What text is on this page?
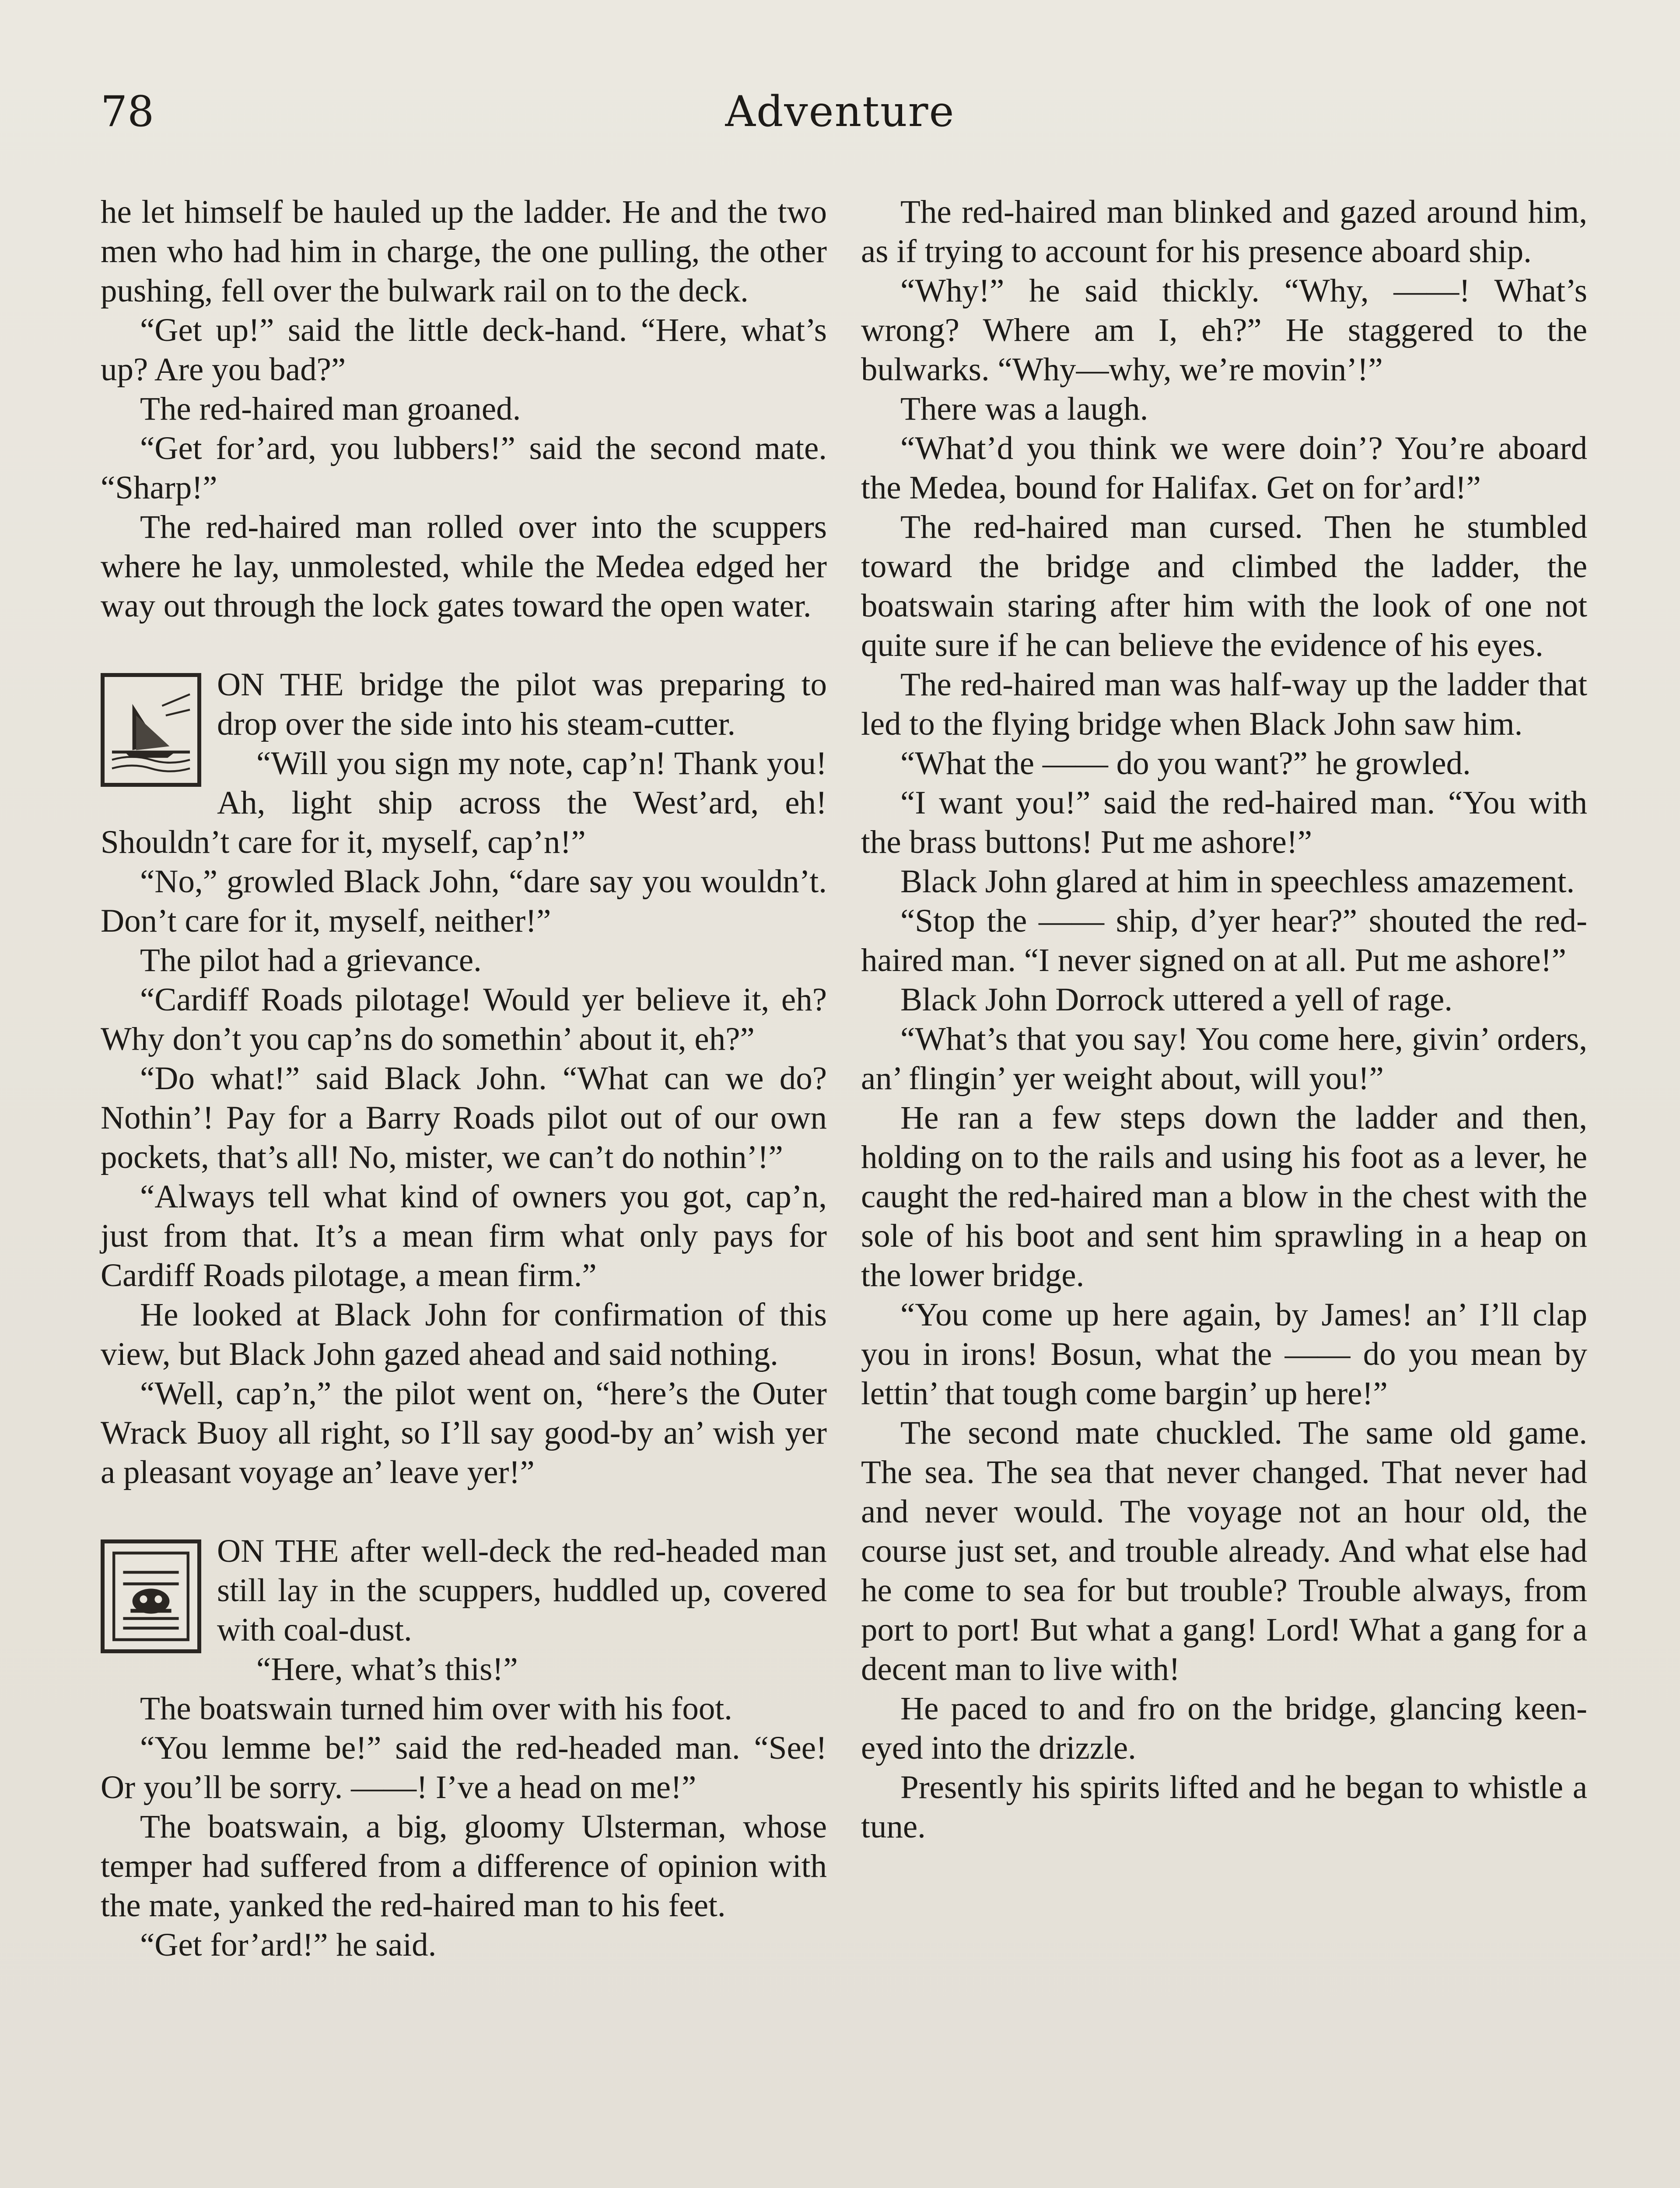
78	Adventure

he let himself be hauled up the ladder. He and the two men who had him in charge, the one pulling, the other pushing, fell over the bulwark rail on to the deck.

“Get up!” said the little deck-hand. “Here, what’s up? Are you bad?”

The red-haired man groaned.

“Get for’ard, you lubbers!” said the second mate. “Sharp!”

The red-haired man rolled over into the scuppers where he lay, unmolested, while the Medea edged her way out through the lock gates toward the open water.

ON THE bridge the pilot was preparing to drop over the side into his steam-cutter.

“Will you sign my note, cap’n! Thank you! Ah, light ship across the West’ard, eh! Shouldn’t care for it, myself, cap’n!”

“No,” growled Black John, “dare say you wouldn’t. Don’t care for it, myself, neither!”

The pilot had a grievance.

“Cardiff Roads pilotage! Would yer believe it, eh? Why don’t you cap’ns do somethin’ about it, eh?”

“Do what!” said Black John. “What can we do? Nothin’! Pay for a Barry Roads pilot out of our own pockets, that’s all! No, mister, we can’t do nothin’!”

“Always tell what kind of owners you got, cap’n, just from that. It’s a mean firm what only pays for Cardiff Roads pilotage, a mean firm.”

He looked at Black John for confirmation of this view, but Black John gazed ahead and said nothing.

“Well, cap’n,” the pilot went on, “here’s the Outer Wrack Buoy all right, so I’ll say good-by an’ wish yer a pleasant voyage an’ leave yer!”

ON THE after well-deck the red-headed man still lay in the scuppers, huddled up, covered with coal-dust.

“Here, what’s this!”

The boatswain turned him over with his foot.

“You lemme be!” said the red-headed man. “See! Or you’ll be sorry. ——! I’ve a head on me!”

The boatswain, a big, gloomy Ulsterman, whose temper had suffered from a difference of opinion with the mate, yanked the red-haired man to his feet.

“Get for’ard!” he said.

The red-haired man blinked and gazed around him, as if trying to account for his presence aboard ship.

“Why!” he said thickly. “Why, ——! What’s wrong? Where am I, eh?” He staggered to the bulwarks. “Why—why, we’re movin’!”

There was a laugh.

“What’d you think we were doin’? You’re aboard the Medea, bound for Halifax. Get on for’ard!”

The red-haired man cursed. Then he stumbled toward the bridge and climbed the ladder, the boatswain staring after him with the look of one not quite sure if he can believe the evidence of his eyes.

The red-haired man was half-way up the ladder that led to the flying bridge when Black John saw him.

“What the —— do you want?” he growled.

“I want you!” said the red-haired man. “You with the brass buttons! Put me ashore!”

Black John glared at him in speechless amazement.

“Stop the —— ship, d’yer hear?” shouted the red-haired man. “I never signed on at all. Put me ashore!”

Black John Dorrock uttered a yell of rage.

“What’s that you say! You come here, givin’ orders, an’ flingin’ yer weight about, will you!”

He ran a few steps down the ladder and then, holding on to the rails and using his foot as a lever, he caught the red-haired man a blow in the chest with the sole of his boot and sent him sprawling in a heap on the lower bridge.

“You come up here again, by James! an’ I’ll clap you in irons! Bosun, what the —— do you mean by lettin’ that tough come bargin’ up here!”

The second mate chuckled. The same old game. The sea. The sea that never changed. That never had and never would. The voyage not an hour old, the course just set, and trouble already. And what else had he come to sea for but trouble? Trouble always, from port to port! But what a gang! Lord! What a gang for a decent man to live with!

He paced to and fro on the bridge, glancing keen-eyed into the drizzle.

Presently his spirits lifted and he began to whistle a tune.
